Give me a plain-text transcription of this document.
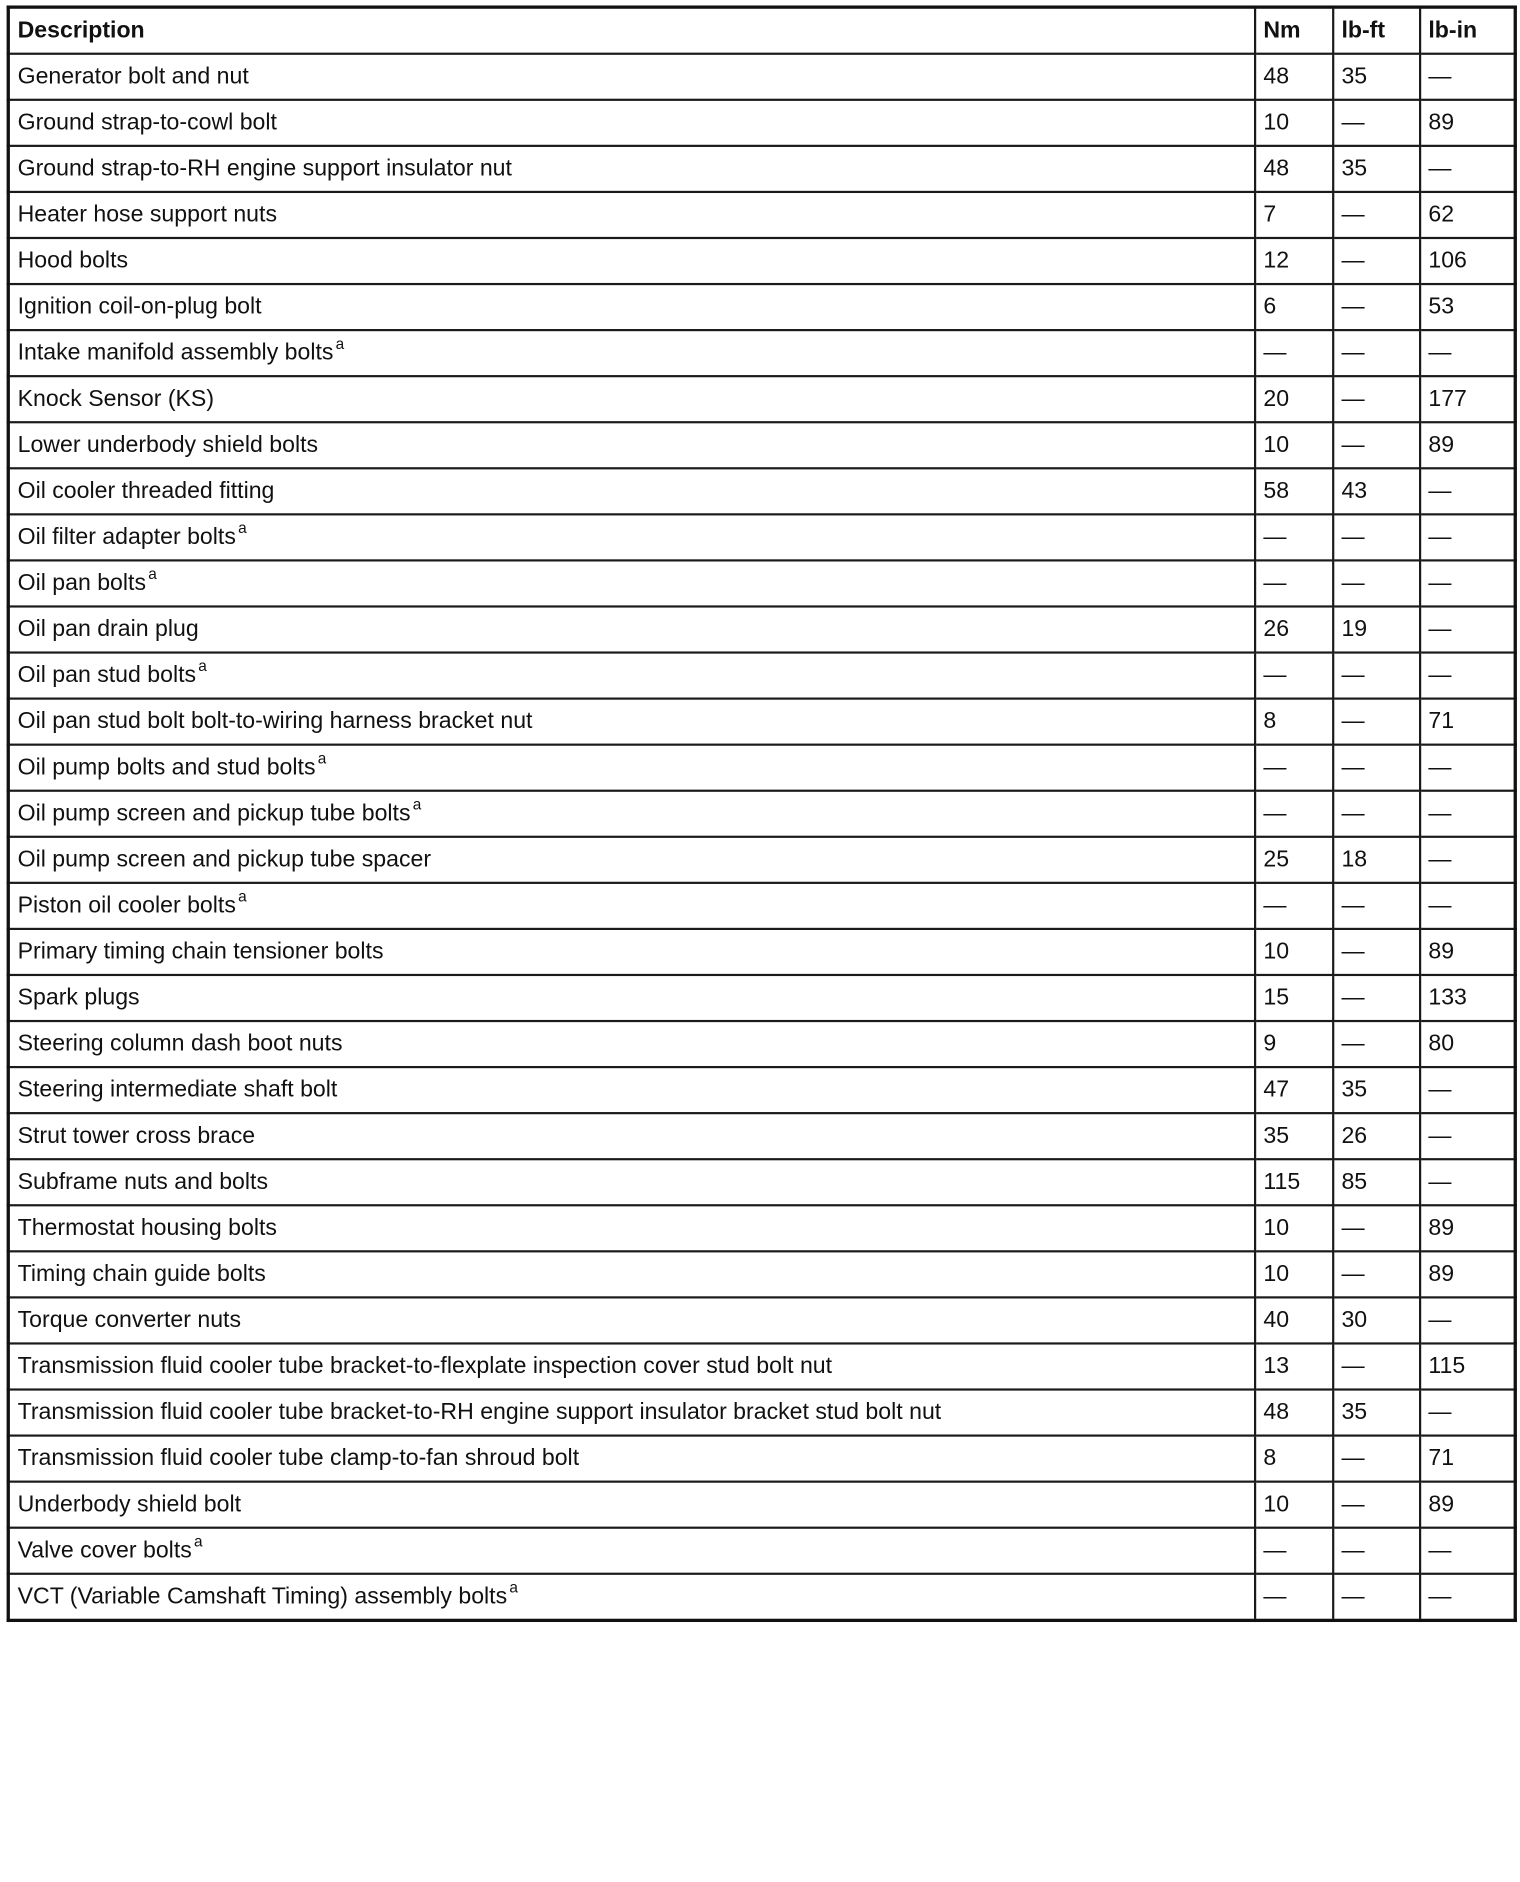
Description	Nm	lb-ft	lb-in
Generator bolt and nut	48	35	—
Ground strap-to-cowl bolt	10	—	89
Ground strap-to-RH engine support insulator nut	48	35	—
Heater hose support nuts	7	—	62
Hood bolts	12	—	106
Ignition coil-on-plug bolt	6	—	53
Intake manifold assembly bolts $^a$	—	—	—
Knock Sensor (KS)	20	—	177
Lower underbody shield bolts	10	—	89
Oil cooler threaded fitting	58	43	—
Oil filter adapter bolts $^a$	—	—	—
Oil pan bolts $^a$	—	—	—
Oil pan drain plug	26	19	—
Oil pan stud bolts $^a$	—	—	—
Oil pan stud bolt bolt-to-wiring harness bracket nut	8	—	71
Oil pump bolts and stud bolts $^a$	—	—	—
Oil pump screen and pickup tube bolts $^a$	—	—	—
Oil pump screen and pickup tube spacer	25	18	—
Piston oil cooler bolts $^a$	—	—	—
Primary timing chain tensioner bolts	10	—	89
Spark plugs	15	—	133
Steering column dash boot nuts	9	—	80
Steering intermediate shaft bolt	47	35	—
Strut tower cross brace	35	26	—
Subframe nuts and bolts	115	85	—
Thermostat housing bolts	10	—	89
Timing chain guide bolts	10	—	89
Torque converter nuts	40	30	—
Transmission fluid cooler tube bracket-to-flexplate inspection cover stud bolt nut	13	—	115
Transmission fluid cooler tube bracket-to-RH engine support insulator bracket stud bolt nut	48	35	—
Transmission fluid cooler tube clamp-to-fan shroud bolt	8	—	71
Underbody shield bolt	10	—	89
Valve cover bolts $^a$	—	—	—
VCT (Variable Camshaft Timing) assembly bolts $^a$	—	—	—
